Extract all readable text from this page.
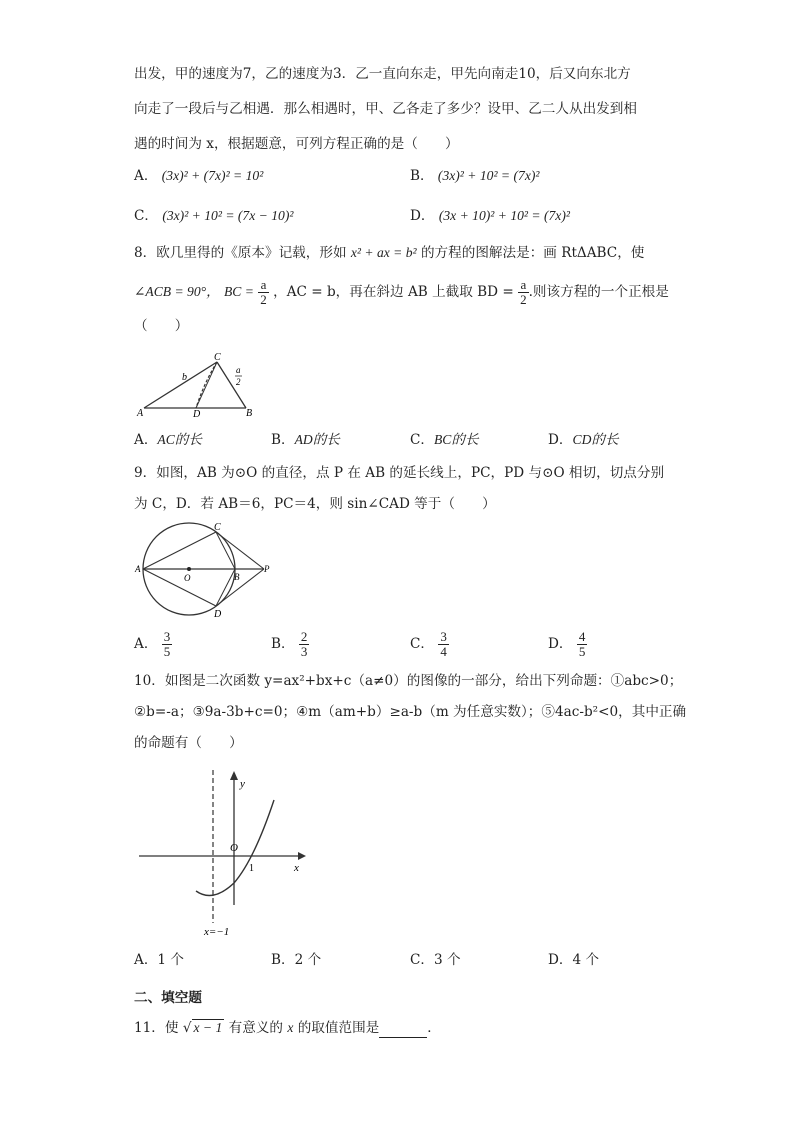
出发，甲的速度为7，乙的速度为3．乙一直向东走，甲先向南走10，后又向东北方
向走了一段后与乙相遇．那么相遇时，甲、乙各走了多少？设甲、乙二人从出发到相
遇的时间为 x，根据题意，可列方程正确的是（　　）
A． (3x)² + (7x)² = 10²	B． (3x)² + 10² = (7x)²
C． (3x)² + 10² = (7x − 10)²	D． (3x + 10)² + 10² = (7x)²
8．欧几里得的《原本》记载，形如 x² + ax = b² 的方程的图解法是：画 RtΔABC，使
∠ACB = 90°， BC = $\frac{a}{2}$ ，AC = b，再在斜边 AB 上截取 BD = $\frac{a}{2}$ .则该方程的一个正根是
（　　）
C
b
a
2
A	D	B
A．AC的长	B．AD的长	C．BC的长	D．CD的长
9．如图，AB 为⊙O 的直径，点 P 在 AB 的延长线上，PC，PD 与⊙O 相切，切点分别
为 C，D．若 AB＝6，PC＝4，则 sin∠CAD 等于（　　）
C
A
O	B
P
D
A． $\frac{3}{5}$	B． $\frac{2}{3}$	C． $\frac{3}{4}$	D． $\frac{4}{5}$
10．如图是二次函数 y=ax²+bx+c（a≠0）的图像的一部分，给出下列命题：①abc>0；
②b=-a；③9a-3b+c=0；④m（am+b）≥a-b（m 为任意实数）；⑤4ac-b²<0，其中正确
的命题有（　　）
y
x
O
1
x=−1
A．1 个	B．2 个	C．3 个	D．4 个
二、填空题
11．使 √ x − 1 有意义的 x 的取值范围是	．
